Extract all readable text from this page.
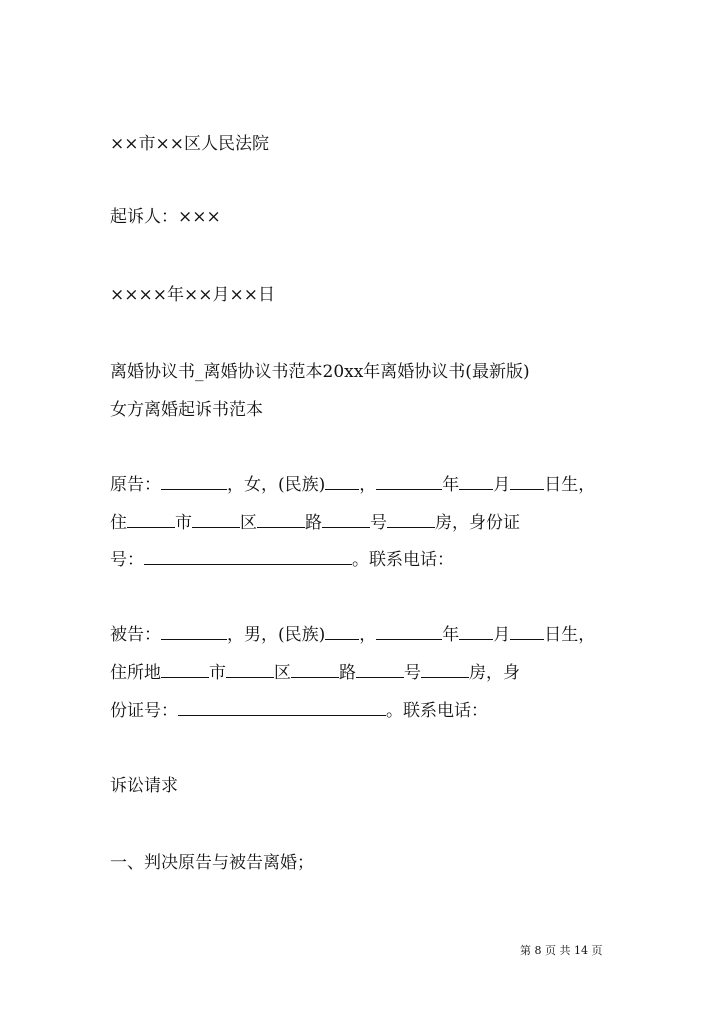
××市××区人民法院
起诉人：×××
××××年××月××日
离婚协议书_离婚协议书范本20xx年离婚协议书(最新版)
女方离婚起诉书范本
原告：	，女，(民族) ，	年 月 日生，
住	市	区	路	号	房，身份证
号：	。联系电话：
被告：	，男，(民族) ，	年 月 日生，
住所地	市	区	路	号	房，身
份证号：	。联系电话：
诉讼请求
一、判决原告与被告离婚；
第 8 页 共 14 页
